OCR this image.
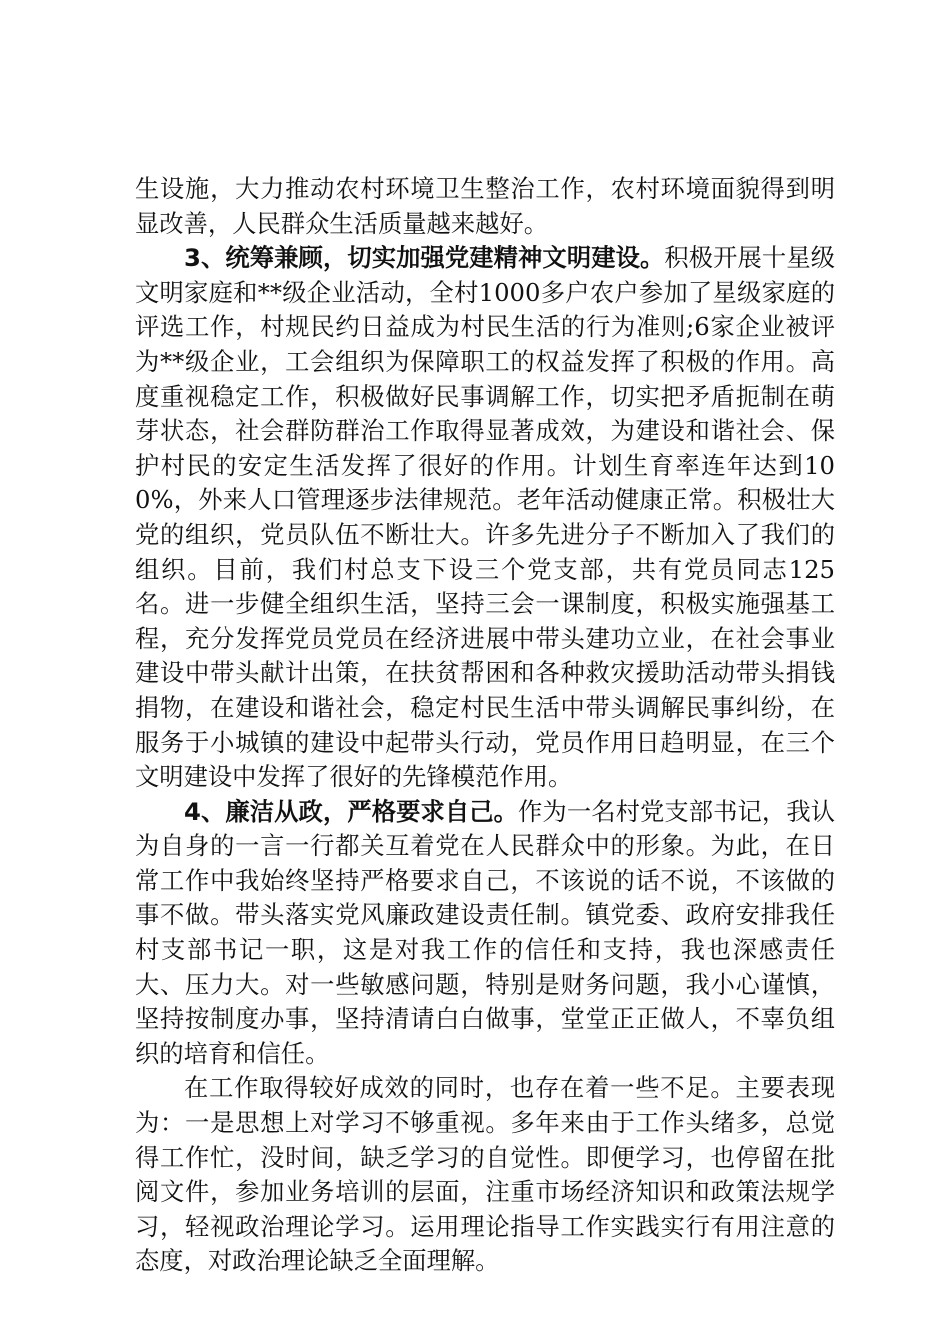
生设施，大力推动农村环境卫生整治工作，农村环境面貌得到明显改善，人民群众生活质量越来越好。

3、统筹兼顾，切实加强党建精神文明建设。积极开展十星级文明家庭和**级企业活动，全村1000多户农户参加了星级家庭的评选工作，村规民约日益成为村民生活的行为准则;6家企业被评为**级企业，工会组织为保障职工的权益发挥了积极的作用。高度重视稳定工作，积极做好民事调解工作，切实把矛盾扼制在萌芽状态，社会群防群治工作取得显著成效，为建设和谐社会、保护村民的安定生活发挥了很好的作用。计划生育率连年达到100%，外来人口管理逐步法律规范。老年活动健康正常。积极壮大党的组织，党员队伍不断壮大。许多先进分子不断加入了我们的组织。目前，我们村总支下设三个党支部，共有党员同志125名。进一步健全组织生活，坚持三会一课制度，积极实施强基工程，充分发挥党员党员在经济进展中带头建功立业，在社会事业建设中带头献计出策，在扶贫帮困和各种救灾援助活动带头捐钱捐物，在建设和谐社会，稳定村民生活中带头调解民事纠纷，在服务于小城镇的建设中起带头行动，党员作用日趋明显，在三个文明建设中发挥了很好的先锋模范作用。

4、廉洁从政，严格要求自己。作为一名村党支部书记，我认为自身的一言一行都关互着党在人民群众中的形象。为此，在日常工作中我始终坚持严格要求自己，不该说的话不说，不该做的事不做。带头落实党风廉政建设责任制。镇党委、政府安排我任村支部书记一职，这是对我工作的信任和支持，我也深感责任大、压力大。对一些敏感问题，特别是财务问题，我小心谨慎，坚持按制度办事，坚持清请白白做事，堂堂正正做人，不辜负组织的培育和信任。

在工作取得较好成效的同时，也存在着一些不足。主要表现为：一是思想上对学习不够重视。多年来由于工作头绪多，总觉得工作忙，没时间，缺乏学习的自觉性。即便学习，也停留在批阅文件，参加业务培训的层面，注重市场经济知识和政策法规学习，轻视政治理论学习。运用理论指导工作实践实行有用注意的态度，对政治理论缺乏全面理解。
